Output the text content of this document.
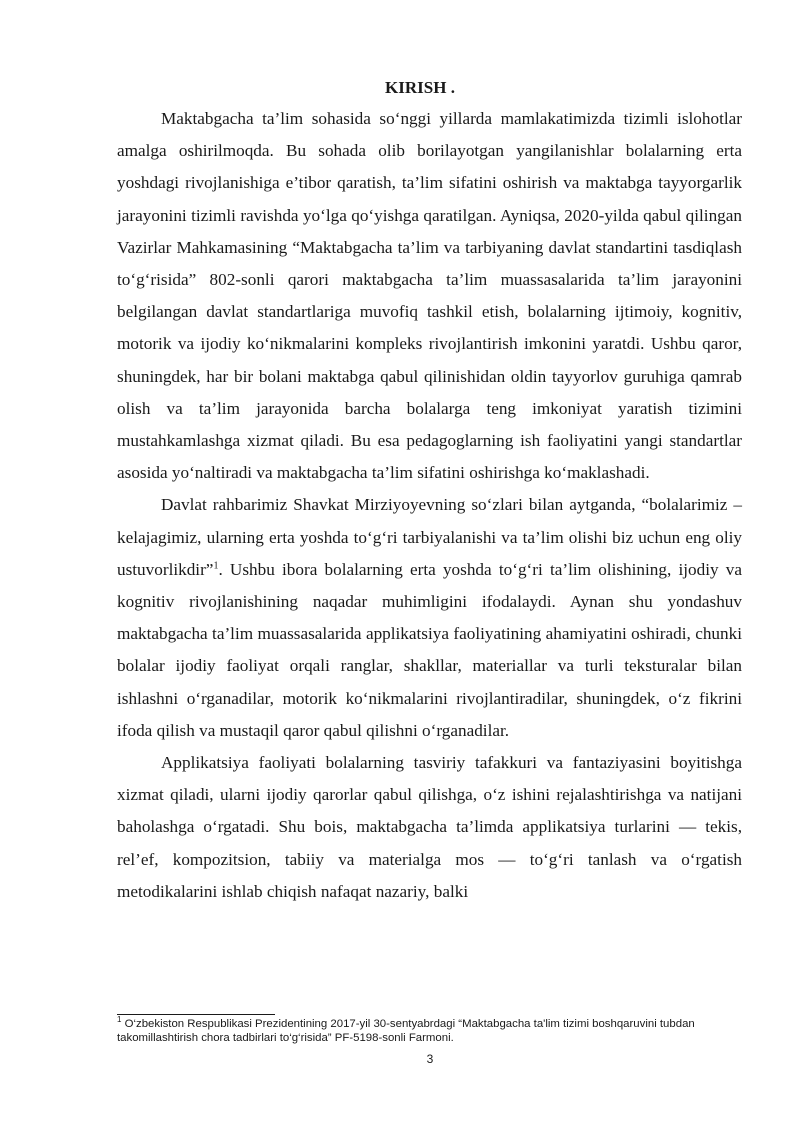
KIRISH .

Maktabgacha ta’lim sohasida so‘nggi yillarda mamlakatimizda tizimli islohotlar amalga oshirilmoqda. Bu sohada olib borilayotgan yangilanishlar bolalarning erta yoshdagi rivojlanishiga e’tibor qaratish, ta’lim sifatini oshirish va maktabga tayyorgarlik jarayonini tizimli ravishda yo‘lga qo‘yishga qaratilgan. Ayniqsa, 2020-yilda qabul qilingan Vazirlar Mahkamasining “Maktabgacha ta’lim va tarbiyaning davlat standartini tasdiqlash to‘g‘risida” 802-sonli qarori maktabgacha ta’lim muassasalarida ta’lim jarayonini belgilangan davlat standartlariga muvofiq tashkil etish, bolalarning ijtimoiy, kognitiv, motorik va ijodiy ko‘nikmalarini kompleks rivojlantirish imkonini yaratdi. Ushbu qaror, shuningdek, har bir bolani maktabga qabul qilinishidan oldin tayyorlov guruhiga qamrab olish va ta’lim jarayonida barcha bolalarga teng imkoniyat yaratish tizimini mustahkamlashga xizmat qiladi. Bu esa pedagoglarning ish faoliyatini yangi standartlar asosida yo‘naltiradi va maktabgacha ta’lim sifatini oshirishga ko‘maklashadi.

Davlat rahbarimiz Shavkat Mirziyoyevning so‘zlari bilan aytganda, “bolalarimiz – kelajagimiz, ularning erta yoshda to‘g‘ri tarbiyalanishi va ta’lim olishi biz uchun eng oliy ustuvorlikdir”$^1$. Ushbu ibora bolalarning erta yoshda to‘g‘ri ta’lim olishining, ijodiy va kognitiv rivojlanishining naqadar muhimligini ifodalaydi. Aynan shu yondashuv maktabgacha ta’lim muassasalarida applikatsiya faoliyatining ahamiyatini oshiradi, chunki bolalar ijodiy faoliyat orqali ranglar, shakllar, materiallar va turli teksturalar bilan ishlashni o‘rganadilar, motorik ko‘nikmalarini rivojlantiradilar, shuningdek, o‘z fikrini ifoda qilish va mustaqil qaror qabul qilishni o‘rganadilar.

Applikatsiya faoliyati bolalarning tasviriy tafakkuri va fantaziyasini boyitishga xizmat qiladi, ularni ijodiy qarorlar qabul qilishga, o‘z ishini rejalashtirishga va natijani baholashga o‘rgatadi. Shu bois, maktabgacha ta’limda applikatsiya turlarini — tekis, rel’ef, kompozitsion, tabiiy va materialga mos — to‘g‘ri tanlash va o‘rgatish metodikalarini ishlab chiqish nafaqat nazariy, balki

$^1$ O‘zbekiston Respublikasi Prezidentining 2017-yil 30-sentyabrdagi “Maktabgacha ta'lim tizimi boshqaruvini tubdan takomillashtirish chora tadbirlari to‘g‘risida” PF-5198-sonli Farmoni.

3
